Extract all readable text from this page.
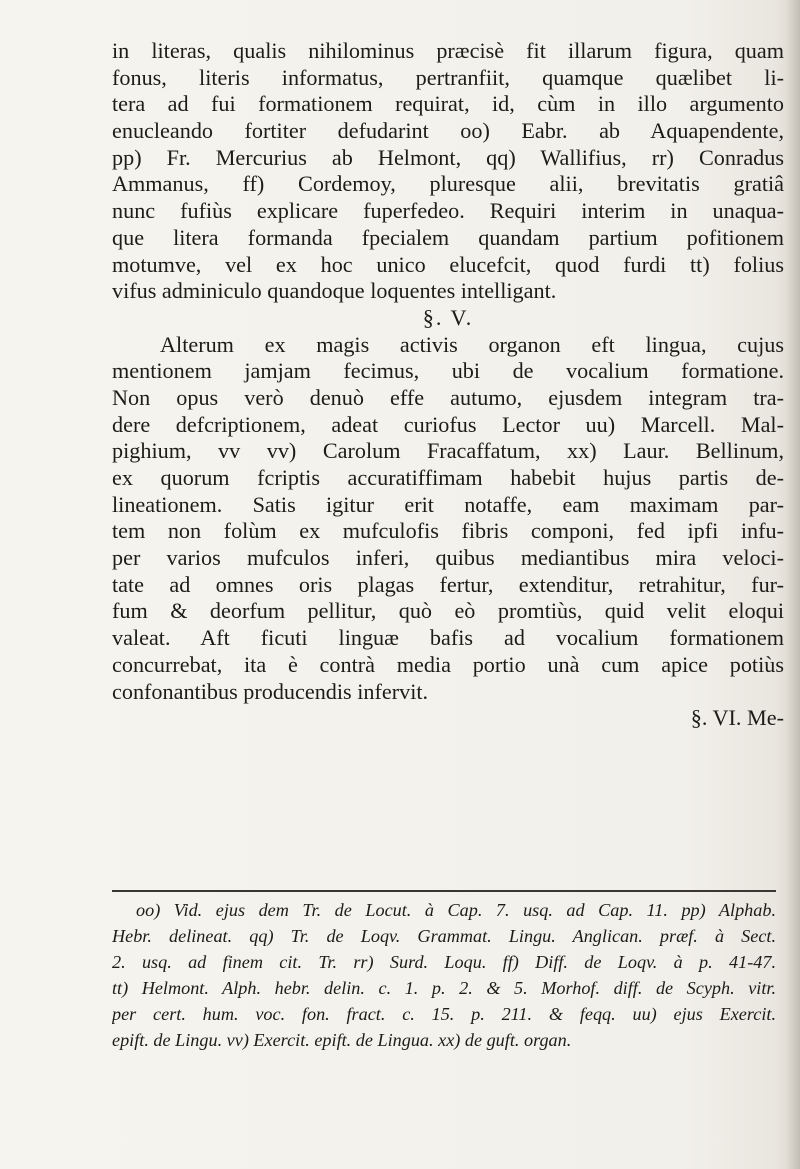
in literas, qualis nihilominus præcisè fit illarum figura, quam
fonus, literis informatus, pertranfiit, quamque quælibet li-
tera ad fui formationem requirat, id, cùm in illo argumento
enucleando fortiter defudarint oo) Eabr. ab Aquapendente,
pp) Fr. Mercurius ab Helmont, qq) Wallifius, rr) Conradus
Ammanus, ff) Cordemoy, pluresque alii, brevitatis gratiâ
nunc fufiùs explicare fuperfedeo. Requiri interim in unaqua-
que litera formanda fpecialem quandam partium pofitionem
motumve, vel ex hoc unico elucefcit, quod furdi tt) folius
vifus adminiculo quandoque loquentes intelligant.
§. V.
Alterum ex magis activis organon eft lingua, cujus
mentionem jamjam fecimus, ubi de vocalium formatione.
Non opus verò denuò effe autumo, ejusdem integram tra-
dere defcriptionem, adeat curiofus Lector uu) Marcell. Mal-
pighium, vv vv) Carolum Fracaffatum, xx) Laur. Bellinum,
ex quorum fcriptis accuratiffimam habebit hujus partis de-
lineationem. Satis igitur erit notaffe, eam maximam par-
tem non folùm ex mufculofis fibris componi, fed ipfi infu-
per varios mufculos inferi, quibus mediantibus mira veloci-
tate ad omnes oris plagas fertur, extenditur, retrahitur, fur-
fum & deorfum pellitur, quò eò promtiùs, quid velit eloqui
valeat. Aft ficuti linguæ bafis ad vocalium formationem
concurrebat, ita è contrà media portio unà cum apice potiùs
confonantibus producendis infervit.
§. VI. Me-
oo) Vid. ejus dem Tr. de Locut. à Cap. 7. usq. ad Cap. 11. pp) Alphab.
Hebr. delineat. qq) Tr. de Loqv. Grammat. Lingu. Anglican. præf. à Sect.
2. usq. ad finem cit. Tr. rr) Surd. Loqu. ff) Diff. de Loqv. à p. 41-47.
tt) Helmont. Alph. hebr. delin. c. 1. p. 2. & 5. Morhof. diff. de Scyph. vitr.
per cert. hum. voc. fon. fract. c. 15. p. 211. & feqq. uu) ejus Exercit.
epift. de Lingu. vv) Exercit. epift. de Lingua. xx) de guft. organ.
